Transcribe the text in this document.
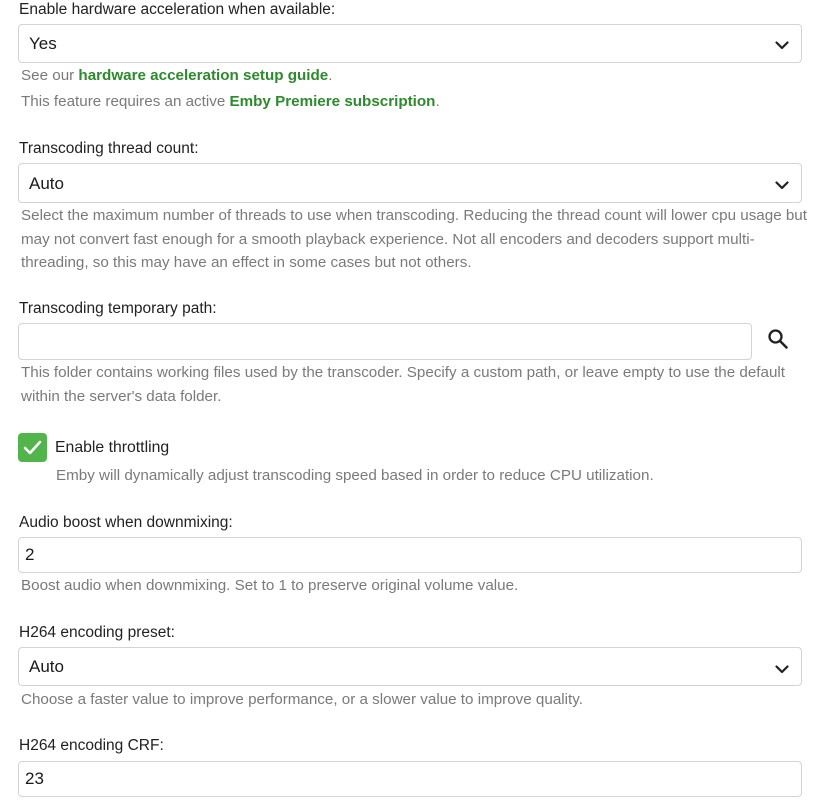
Enable hardware acceleration when available:
Yes
See our hardware acceleration setup guide.
This feature requires an active Emby Premiere subscription.
Transcoding thread count:
Auto
Select the maximum number of threads to use when transcoding. Reducing the thread count will lower cpu usage but may not convert fast enough for a smooth playback experience. Not all encoders and decoders support multi-threading, so this may have an effect in some cases but not others.
Transcoding temporary path:
This folder contains working files used by the transcoder. Specify a custom path, or leave empty to use the default within the server's data folder.
Enable throttling
Emby will dynamically adjust transcoding speed based in order to reduce CPU utilization.
Audio boost when downmixing:
2
Boost audio when downmixing. Set to 1 to preserve original volume value.
H264 encoding preset:
Auto
Choose a faster value to improve performance, or a slower value to improve quality.
H264 encoding CRF:
23
